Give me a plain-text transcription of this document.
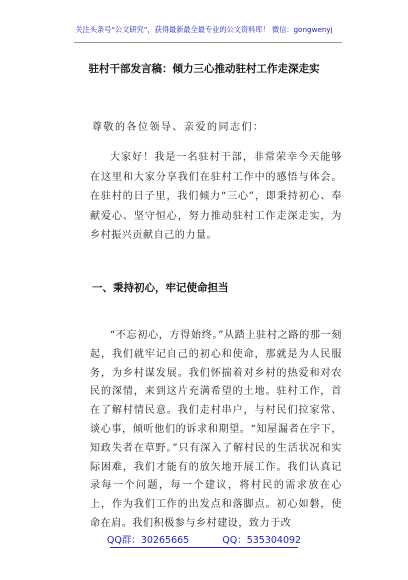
关注头条号“公文研究”，获得最新最全最专业的公文资料库！ 微信：gongwenyj
驻村干部发言稿：倾力三心推动驻村工作走深走实
尊敬的各位领导、亲爱的同志们：
大家好！我是一名驻村干部，非常荣幸今天能够在这里和大家分享我们在驻村工作中的感悟与体会。在驻村的日子里，我们倾力“三心”，即秉持初心、奉献爱心、坚守恒心，努力推动驻村工作走深走实，为乡村振兴贡献自己的力量。
一、秉持初心，牢记使命担当
“不忘初心，方得始终。”从踏上驻村之路的那一刻起，我们就牢记自己的初心和使命，那就是为人民服务，为乡村谋发展。我们怀揣着对乡村的热爱和对农民的深情，来到这片充满希望的土地。驻村工作，首在了解村情民意。我们走村串户，与村民们拉家常、谈心事，倾听他们的诉求和期望。“知屋漏者在宇下，知政失者在草野。”只有深入了解村民的生活状况和实际困难，我们才能有的放矢地开展工作。我们认真记录每一个问题，每一个建议，将村民的需求放在心上，作为我们工作的出发点和落脚点。初心如磐，使命在肩。我们积极参与乡村建设，致力于改
QQ群：30265665	QQ：535304092
